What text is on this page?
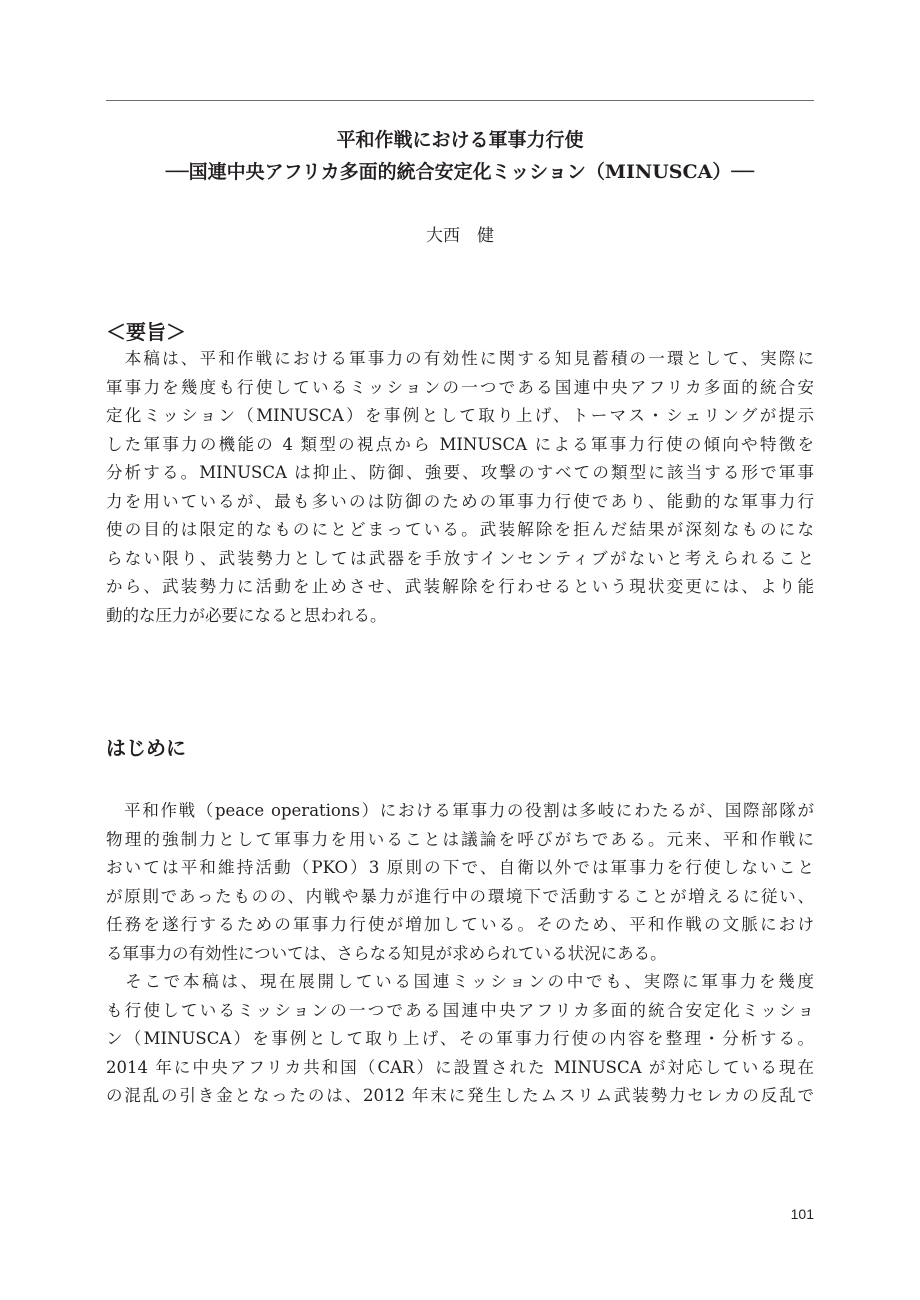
平和作戦における軍事力行使
──国連中央アフリカ多面的統合安定化ミッション（MINUSCA）──
大西　健
＜要旨＞
　本稿は、平和作戦における軍事力の有効性に関する知見蓄積の一環として、実際に
軍事力を幾度も行使しているミッションの一つである国連中央アフリカ多面的統合安
定化ミッション（MINUSCA）を事例として取り上げ、トーマス・シェリングが提示
した軍事力の機能の 4 類型の視点から MINUSCA による軍事力行使の傾向や特徴を
分析する。MINUSCA は抑止、防御、強要、攻撃のすべての類型に該当する形で軍事
力を用いているが、最も多いのは防御のための軍事力行使であり、能動的な軍事力行
使の目的は限定的なものにとどまっている。武装解除を拒んだ結果が深刻なものにな
らない限り、武装勢力としては武器を手放すインセンティブがないと考えられること
から、武装勢力に活動を止めさせ、武装解除を行わせるという現状変更には、より能
動的な圧力が必要になると思われる。
はじめに
　平和作戦（peace operations）における軍事力の役割は多岐にわたるが、国際部隊が
物理的強制力として軍事力を用いることは議論を呼びがちである。元来、平和作戦に
おいては平和維持活動（PKO）3 原則の下で、自衛以外では軍事力を行使しないこと
が原則であったものの、内戦や暴力が進行中の環境下で活動することが増えるに従い、
任務を遂行するための軍事力行使が増加している。そのため、平和作戦の文脈におけ
る軍事力の有効性については、さらなる知見が求められている状況にある。
　そこで本稿は、現在展開している国連ミッションの中でも、実際に軍事力を幾度
も行使しているミッションの一つである国連中央アフリカ多面的統合安定化ミッショ
ン（MINUSCA）を事例として取り上げ、その軍事力行使の内容を整理・分析する。
2014 年に中央アフリカ共和国（CAR）に設置された MINUSCA が対応している現在
の混乱の引き金となったのは、2012 年末に発生したムスリム武装勢力セレカの反乱で
101
